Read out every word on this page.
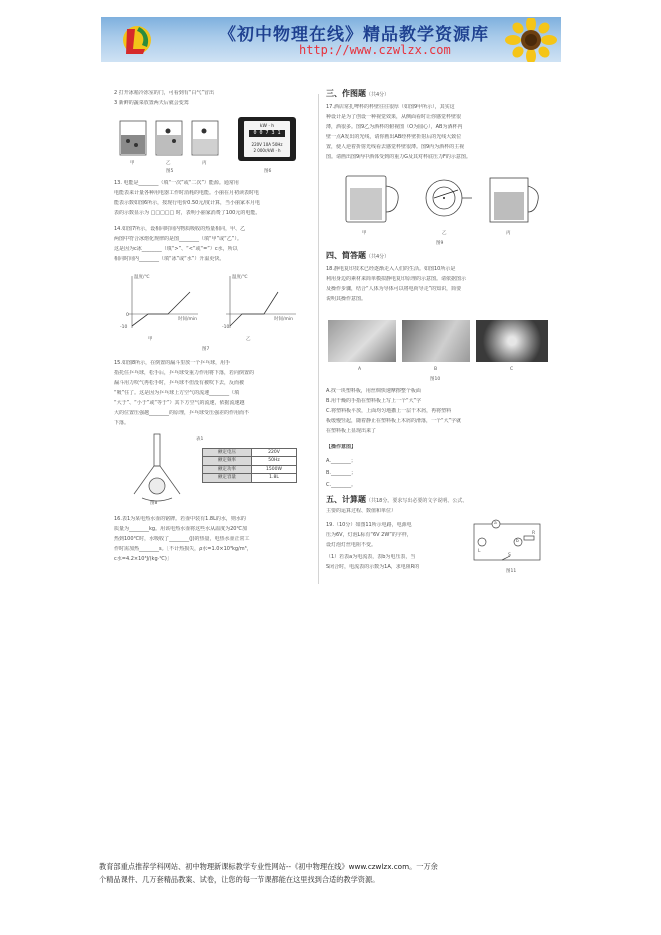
《初中物理在线》精品教学资源库
http://www.czwlzx.com
2 打开冰箱冷冻室的门，可看到有“白气”冒出
3 新鲜的蔬菜放置两天后就会变蔫
甲	乙	丙
图5
kW · h
0 0 7 3 1
220V 10A 50Hz
2 000r/kW · h
图6
13. 电能是________（填“一次”或“二次”）能源。通常用
电能表来计量各种用电器工作时消耗的电能。小丽在月初读表时电
能表示数如图6所示，按现行电价0.50元/度计算，当小丽家本月电
表的示数显示为 □□□□□ 时，表明小丽家消费了100元的电能。
14.如图7所示，设相同时间内物质吸收的热量相同，甲、乙
两图中符合冰熔化规律的是图________（填“甲”或“乙”）。
这是因为c冰________（填“>”、“<”或“=”）c水，所以
相同时间内________（填“冰”或“水”）升温更快。
温度/℃	温度/℃
时间/min	时间/min
0
-10	-10
甲	乙
图7
15.如图8所示，在倒置的漏斗里放一个乒乓球，用手
指托住乒乓球，松手后，乒乓球受重力作用将下落，若向倒置的
漏斗用力吹气再松手时，乒乓球不但没有被吹下去，反而被
“吸”住了。这是因为乒乓球上方空气的流速________（填
“大于”、“小于”或“等于”）其下方空气的流速，依据流速越
大的位置压强越________的原理，乒乓球受压强差的作用而不
下落。
图8
表1
额定电压	220V
额定频率	50Hz
额定功率	1500W
额定容量	1.8L
16.表1为某电热水壶的铭牌。若壶中装有1.8L的水，则水的
质量为________kg。用该电热水壶将这些水从温度为20℃加
热到100℃时，水吸收了________(J)的热量，电热水壶正常工
作时需加热________s。［不计热损失，ρ水=1.0×10³kg/m³，
c水=4.2×10³J/(kg·℃)］
三、作图题（共4分）
17.酒店常扎啤杯的杯壁往往很厚（如图9甲所示），其实这
种设计是为了创设一种视觉效果，从侧面看时让你感觉杯壁很
薄，酒很多。图9乙为酒杯的俯视图（O为圆心），AB为酒杯内
壁一点A发出的光线，请你画出AB经杯壁折射后的光线大致位
置，使人逆着折射光线看去感觉杯壁很薄。图9丙为酒杯的主视
图。请画出图9丙中酒体受到的重力G及其对杯底压力F的示意图。
甲	乙	丙
图9
四、简答题（共4分）
18.静电复印技术已经逐渐走入人们的生活。如图10所示是
利用身边的素材来简单模拟静电复印原理的示意图。请依据图示
及操作步骤，结合“人体为导体可以将电荷导走”的知识，简要
说明其操作意图。
A	B	C
图10
A.找一块塑料板，用丝绸快速摩擦整个板面
B.用干燥的手指在塑料板上写上一个“大”字
C.将塑料板平放，上面均匀地撒上一层干木屑，再将塑料
板缓慢竖起，随着静止在塑料板上木屑的滑落，一个“大”字就
在塑料板上显现出来了
【操作意图】
A.________；
B.________；
C.________。
五、计算题（共18分。要求写出必要的文字说明、公式、
主要的运算过程、数值和单位）
19.（10分）如图11所示电路，电源电
压为6V，灯泡L标有“6V 2W”的字样，
设灯泡灯丝电阻不变。
（1）若表a为电流表，表b为电压表，当
S闭合时，电流表的示数为1A，求电阻R的
a
b
R
L
S
图11
教育部重点推荐学科网站、初中物理新课标教学专业性网站--《初中物理在线》www.czwlzx.com。一万余
个精品课件、几万套精品教案、试卷，让您的每一节课都能在这里找到合适的教学资源。
